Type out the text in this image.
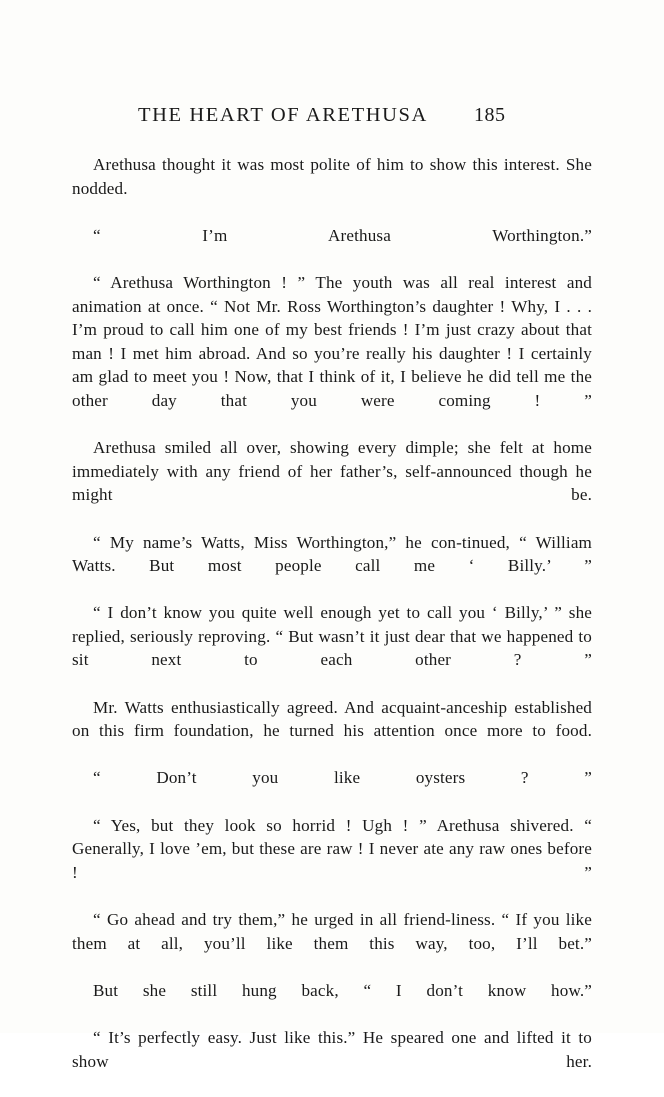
THE HEART OF ARETHUSA 185

Arethusa thought it was most polite of him to show this interest. She nodded.

“ I’m Arethusa Worthington.”

“ Arethusa Worthington ! ” The youth was all real interest and animation at once. “ Not Mr. Ross Worthington’s daughter ! Why, I . . . I’m proud to call him one of my best friends ! I’m just crazy about that man ! I met him abroad. And so you’re really his daughter ! I certainly am glad to meet you ! Now, that I think of it, I believe he did tell me the other day that you were coming ! ”

Arethusa smiled all over, showing every dimple; she felt at home immediately with any friend of her father’s, self-announced though he might be.

“ My name’s Watts, Miss Worthington,” he con-tinued, “ William Watts. But most people call me ‘ Billy.’ ”

“ I don’t know you quite well enough yet to call you ‘ Billy,’ ” she replied, seriously reproving. “ But wasn’t it just dear that we happened to sit next to each other ? ”

Mr. Watts enthusiastically agreed. And acquaint-anceship established on this firm foundation, he turned his attention once more to food.

“ Don’t you like oysters ? ”

“ Yes, but they look so horrid ! Ugh ! ” Arethusa shivered. “ Generally, I love ’em, but these are raw ! I never ate any raw ones before ! ”

“ Go ahead and try them,” he urged in all friend-liness. “ If you like them at all, you’ll like them this way, too, I’ll bet.”

But she still hung back, “ I don’t know how.”

“ It’s perfectly easy. Just like this.” He speared one and lifted it to show her.
